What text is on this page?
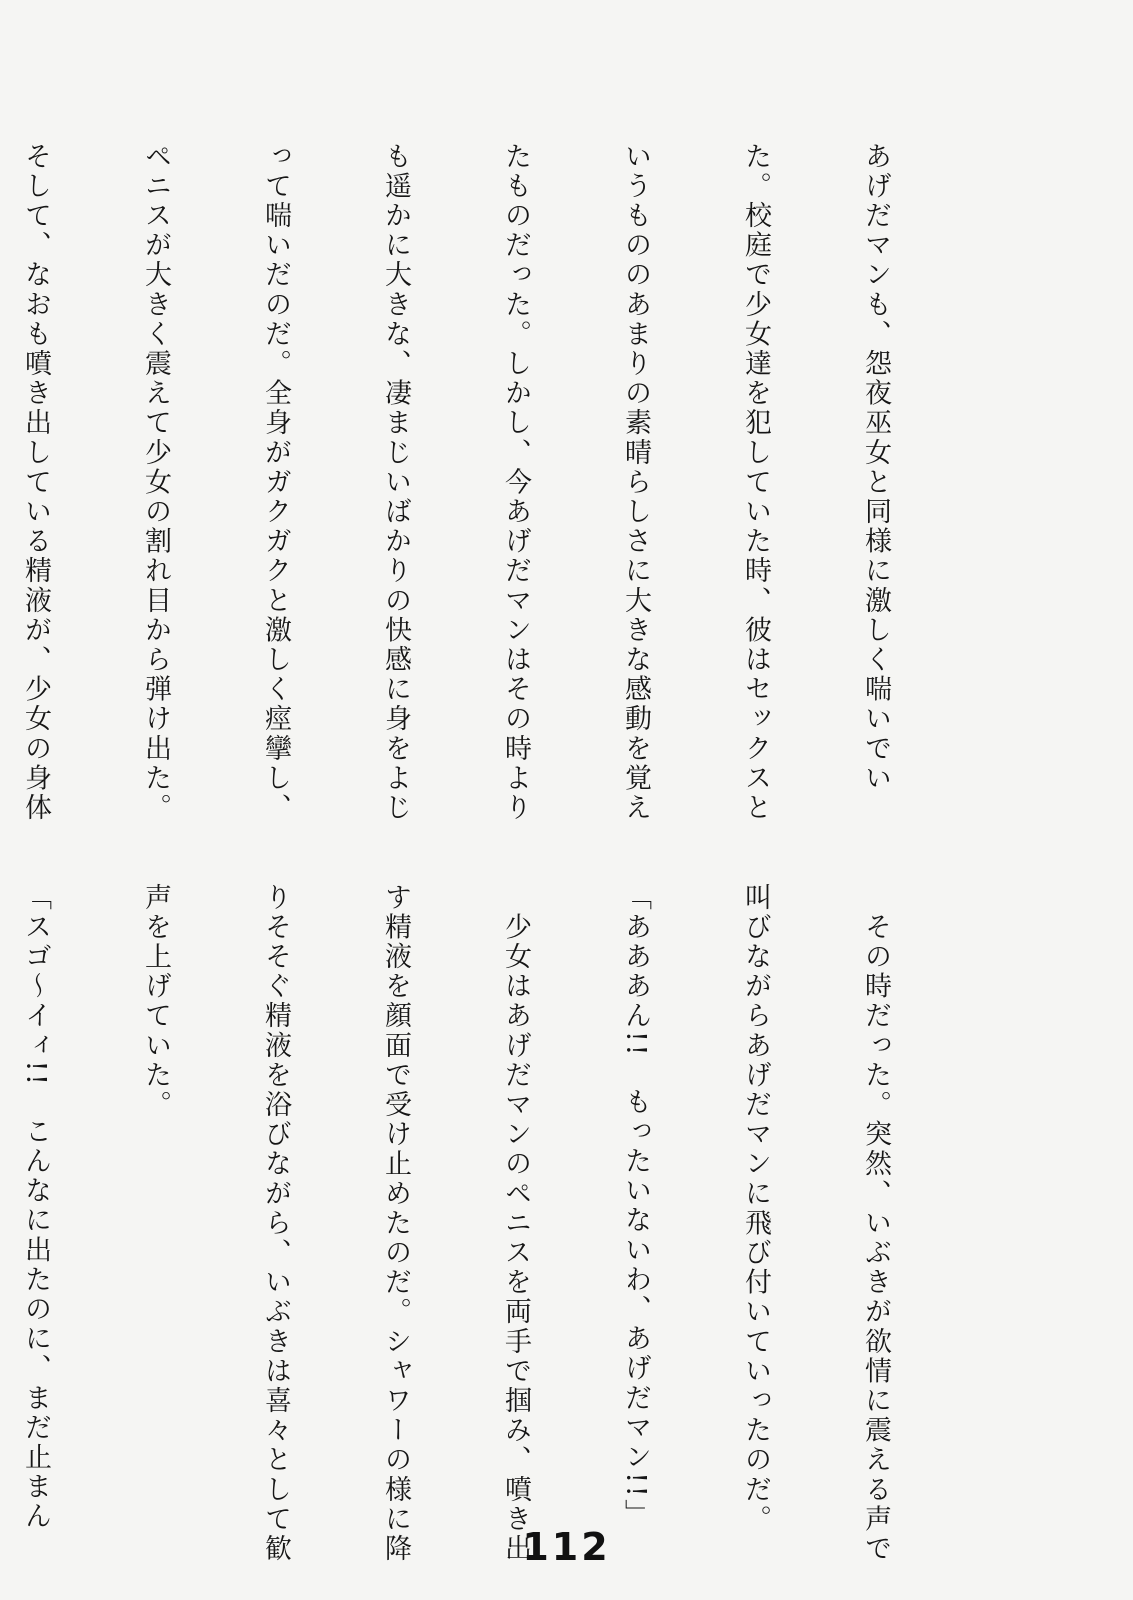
あげだマンも、怨夜巫女と同様に激しく喘いでい

た。校庭で少女達を犯していた時、彼はセックスと

いうもののあまりの素晴らしさに大きな感動を覚え

たものだった。しかし、今あげだマンはその時より

も遥かに大きな、凄まじいばかりの快感に身をよじ

って喘いだのだ。全身がガクガクと激しく痙攣し、

ペニスが大きく震えて少女の割れ目から弾け出た。

そして、なおも噴き出している精液が、少女の身体

　その時だった。突然、いぶきが欲情に震える声で

叫びながらあげだマンに飛び付いていったのだ。

「あああん!!　もったいないわ、あげだマン!!」

　少女はあげだマンのペニスを両手で掴み、噴き出

す精液を顔面で受け止めたのだ。シャワーの様に降

りそそぐ精液を浴びながら、いぶきは喜々として歓

声を上げていた。

「スゴ～イィ!!　こんなに出たのに、まだ止まん

112
